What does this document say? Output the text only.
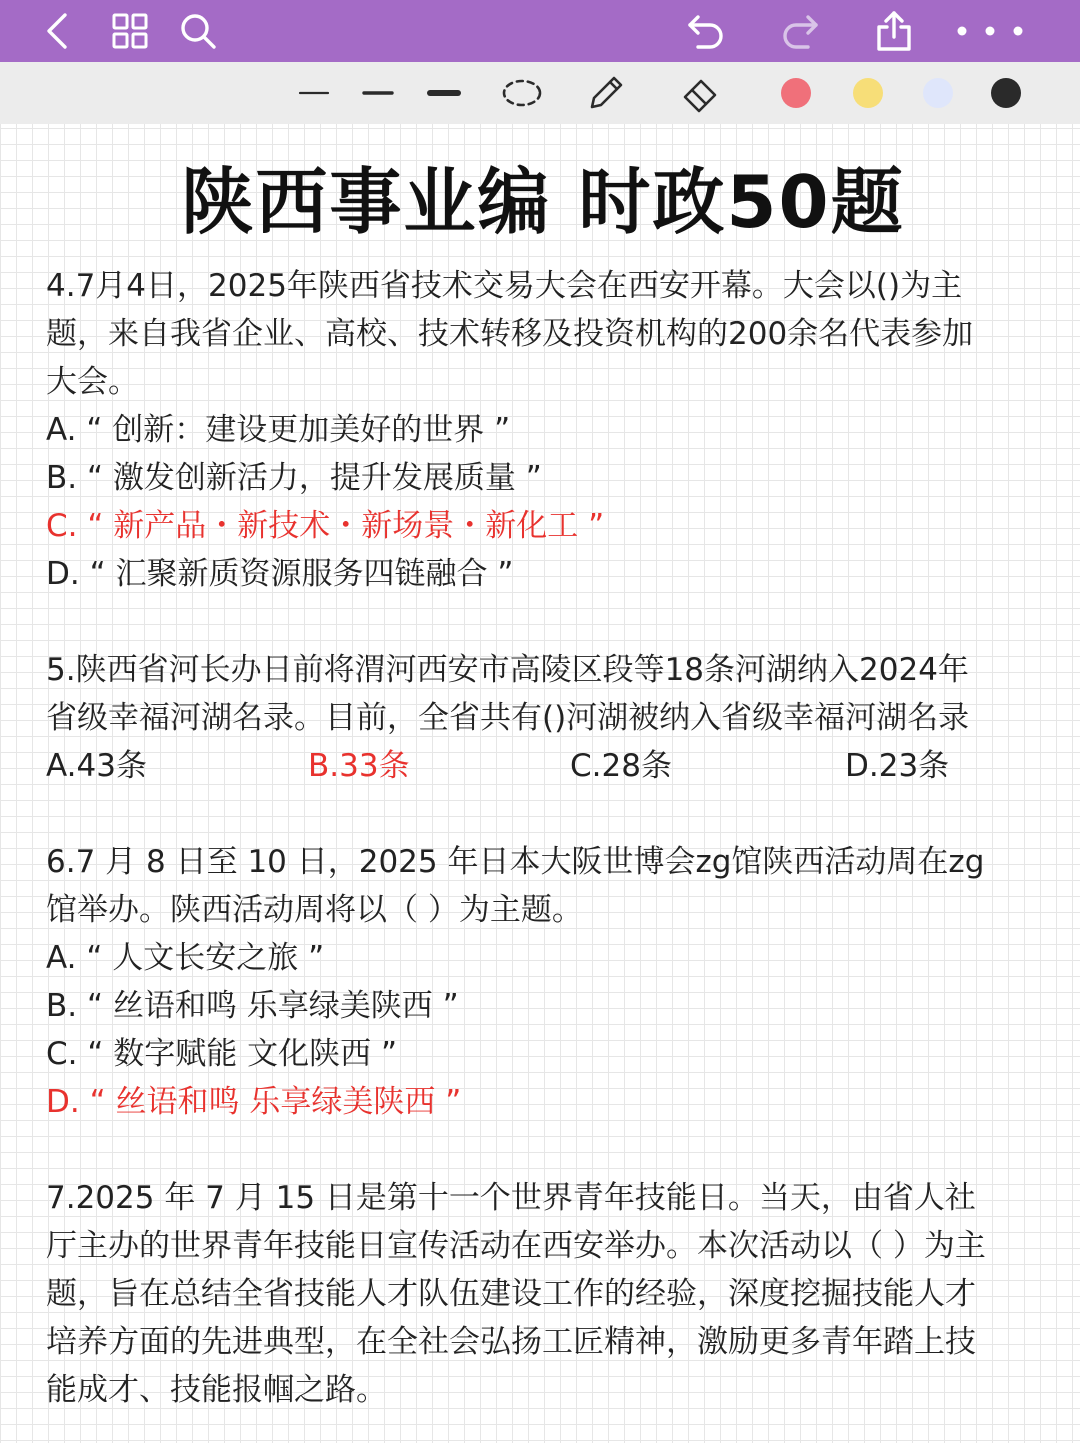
陕西事业编 时政50题

4.7月4日，2025年陕西省技术交易大会在西安开幕。大会以()为主

题，来自我省企业、高校、技术转移及投资机构的200余名代表参加

大会。

A. “ 创新：建设更加美好的世界 ”

B. “ 激发创新活力，提升发展质量 ”

C. “ 新产品・新技术・新场景・新化工 ”

D. “ 汇聚新质资源服务四链融合 ”

5.陕西省河长办日前将渭河西安市高陵区段等18条河湖纳入2024年

省级幸福河湖名录。目前，全省共有()河湖被纳入省级幸福河湖名录

A.43条	B.33条	C.28条	D.23条

6.7 月 8 日至 10 日，2025 年日本大阪世博会zg馆陕西活动周在zg

馆举办。陕西活动周将以（ ）为主题。

A. “ 人文长安之旅 ”

B. “ 丝语和鸣 乐享绿美陕西 ”

C. “ 数字赋能 文化陕西 ”

D. “ 丝语和鸣 乐享绿美陕西 ”

7.2025 年 7 月 15 日是第十一个世界青年技能日。当天，由省人社

厅主办的世界青年技能日宣传活动在西安举办。本次活动以（ ）为主

题，旨在总结全省技能人才队伍建设工作的经验，深度挖掘技能人才

培养方面的先进典型，在全社会弘扬工匠精神，激励更多青年踏上技

能成才、技能报帼之路。
